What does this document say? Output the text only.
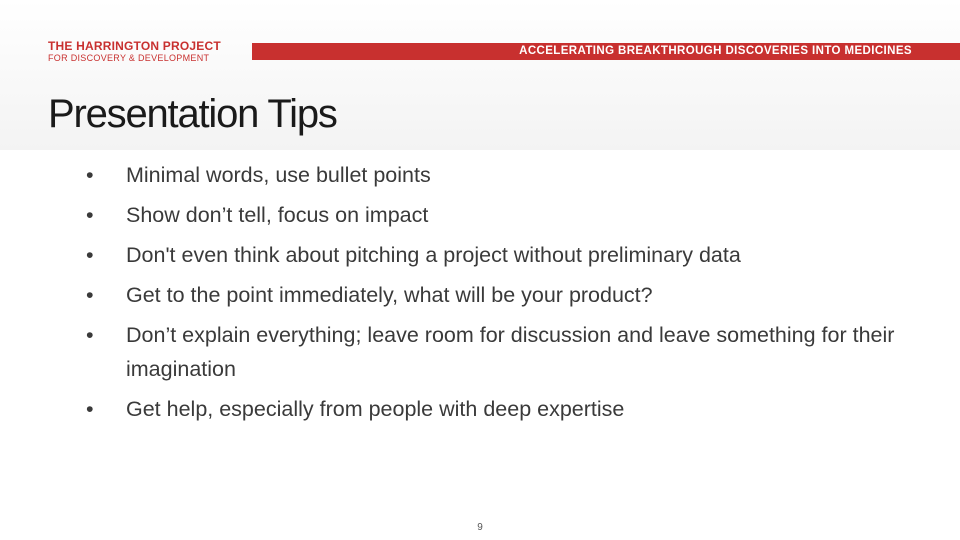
THE HARRINGTON PROJECT
FOR DISCOVERY & DEVELOPMENT
ACCELERATING BREAKTHROUGH DISCOVERIES INTO MEDICINES
Presentation Tips
•	Minimal words, use bullet points
•	Show don’t tell, focus on impact
•	Don't even think about pitching a project without preliminary data
•	Get to the point immediately, what will be your product?
•	Don’t explain everything; leave room for discussion and leave something for their imagination
•	Get help, especially from people with deep expertise
9
